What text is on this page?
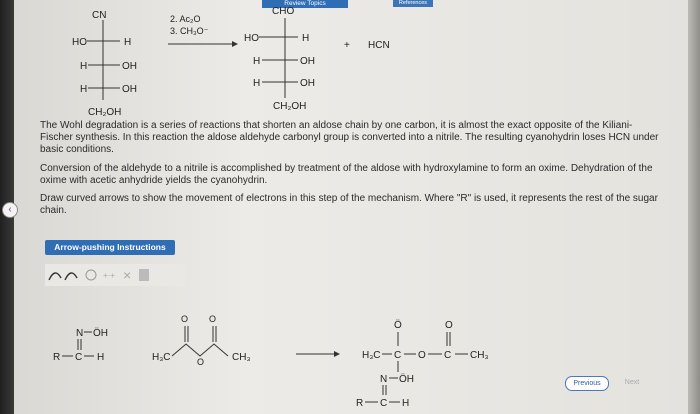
‹
Review Topics	References
CN
HO	H
H	OH
H	OH
CH₂OH
2. Ac₂O
3. CH₃O⁻
CHO
HO	H
H	OH
H	OH
CH₂OH
+ HCN
The Wohl degradation is a series of reactions that shorten an aldose chain by one carbon, it is almost the exact opposite of the Kiliani-Fischer synthesis. In this reaction the aldose aldehyde carbonyl group is converted into a nitrile. The resulting cyanohydrin loses HCN under basic conditions.
Conversion of the aldehyde to a nitrile is accomplished by treatment of the aldose with hydroxylamine to form an oxime. Dehydration of the oxime with acetic anhydride yields the cyanohydrin.
Draw curved arrows to show the movement of electrons in this step of the mechanism. Where "R" is used, it represents the rest of the sugar chain.
Arrow-pushing Instructions
+·+ ×
N ÖH
R C H	H₃C	O
O O
CH₃	H₃C C
Ö
O C
O
CH₃
N ÖH
R C H
Previous	Next
